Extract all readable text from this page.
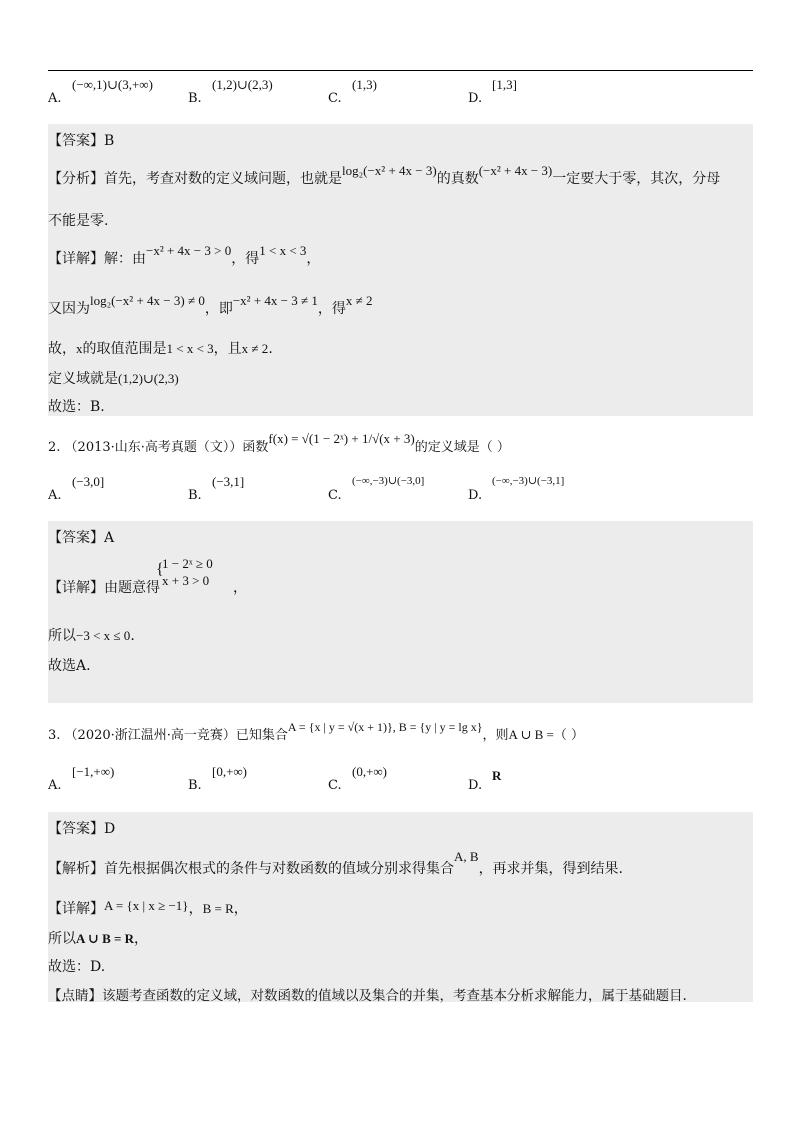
A.
(−∞,1)∪(3,+∞)
B.
(1,2)∪(2,3)
C.
(1,3)
D.
[1,3]
【答案】B
【分析】首先，考查对数的定义域问题，也就是log₂(−x² + 4x − 3)的真数(−x² + 4x − 3)一定要大于零，其次，分母
不能是零.
【详解】解：由−x² + 4x − 3 > 0，得1 < x < 3，
又因为log₂(−x² + 4x − 3) ≠ 0，即−x² + 4x − 3 ≠ 1，得x ≠ 2
故，x的取值范围是1 < x < 3，且x ≠ 2.
定义域就是(1,2)∪(2,3)
故选：B.
2. （2013·山东·高考真题（文））函数f(x) = √(1 − 2ˣ) + 1/√(x + 3)的定义域是（ ）
A.
(−3,0]
B.
(−3,1]
C.
(−∞,−3)∪(−3,0]
D.
(−∞,−3)∪(−3,1]
【答案】A
【详解】由题意得
{
1 − 2ˣ ≥ 0
x + 3 > 0 ，
所以−3 < x ≤ 0.
故选A.
3. （2020·浙江温州·高一竞赛）已知集合A = {x | y = √(x + 1)}, B = {y | y = lg x}，则A ∪ B =（ ）
A.
[−1,+∞)
B.
[0,+∞)
C.
(0,+∞)
D.
R
【答案】D
【解析】首先根据偶次根式的条件与对数函数的值域分别求得集合A, B，再求并集，得到结果.
【详解】A = {x | x ≥ −1}，B = R，
所以A ∪ B = R，
故选：D.
【点睛】该题考查函数的定义域，对数函数的值域以及集合的并集，考查基本分析求解能力，属于基础题目.
